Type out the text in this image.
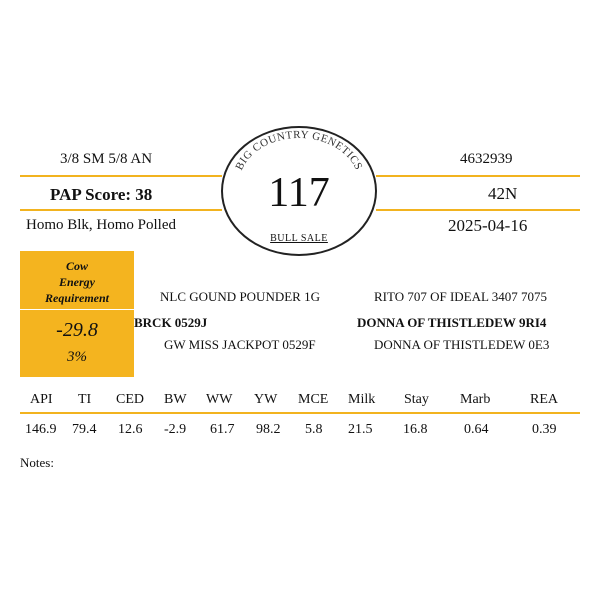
3/8 SM 5/8 AN
PAP Score: 38
Homo Blk, Homo Polled
4632939
42N
2025-04-16
BIG COUNTRY GENETICS
117
BULL SALE
Cow
Energy
Requirement
-29.8
3%
NLC GOUND POUNDER 1G
BRCK 0529J
GW MISS JACKPOT 0529F
RITO 707 OF IDEAL 3407 7075
DONNA OF THISTLEDEW 9RI4
DONNA OF THISTLEDEW 0E3
API TI CED BW WW YW MCE Milk Stay Marb	REA
146.9 79.4 12.6 -2.9 61.7 98.2 5.8 21.5 16.8	0.64	0.39
Notes:
